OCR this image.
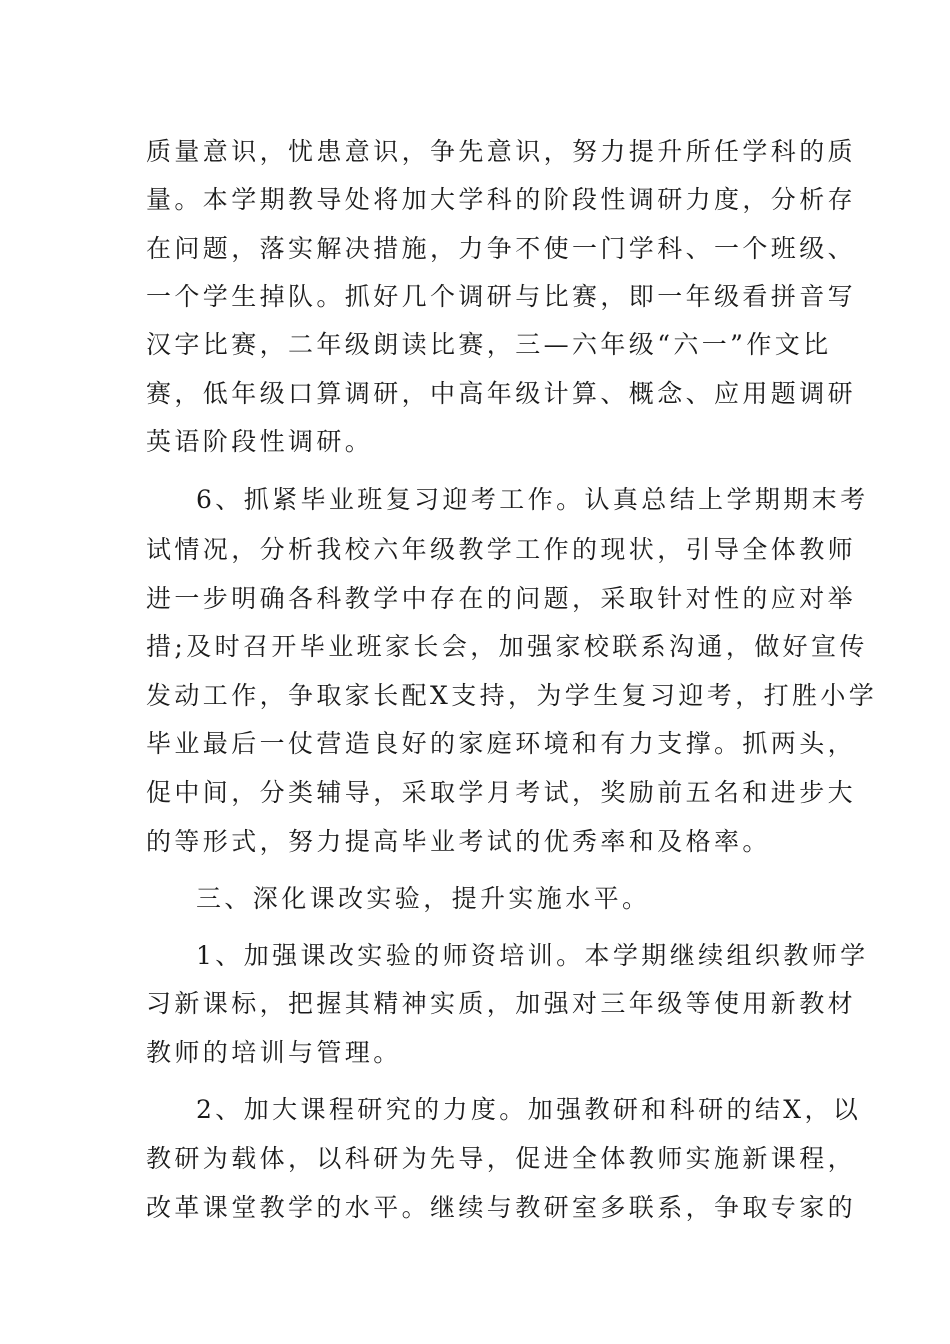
质量意识，忧患意识，争先意识，努力提升所任学科的质
量。本学期教导处将加大学科的阶段性调研力度，分析存
在问题，落实解决措施，力争不使一门学科、一个班级、
一个学生掉队。抓好几个调研与比赛，即一年级看拼音写
汉字比赛，二年级朗读比赛，三—六年级“六一”作文比
赛，低年级口算调研，中高年级计算、概念、应用题调研
英语阶段性调研。
6、抓紧毕业班复习迎考工作。认真总结上学期期末考
试情况，分析我校六年级教学工作的现状，引导全体教师
进一步明确各科教学中存在的问题，采取针对性的应对举
措;及时召开毕业班家长会，加强家校联系沟通，做好宣传
发动工作，争取家长配X支持，为学生复习迎考，打胜小学
毕业最后一仗营造良好的家庭环境和有力支撑。抓两头，
促中间，分类辅导，采取学月考试，奖励前五名和进步大
的等形式，努力提高毕业考试的优秀率和及格率。
三、深化课改实验，提升实施水平。
1、加强课改实验的师资培训。本学期继续组织教师学
习新课标，把握其精神实质，加强对三年级等使用新教材
教师的培训与管理。
2、加大课程研究的力度。加强教研和科研的结X，以
教研为载体，以科研为先导，促进全体教师实施新课程，
改革课堂教学的水平。继续与教研室多联系，争取专家的
